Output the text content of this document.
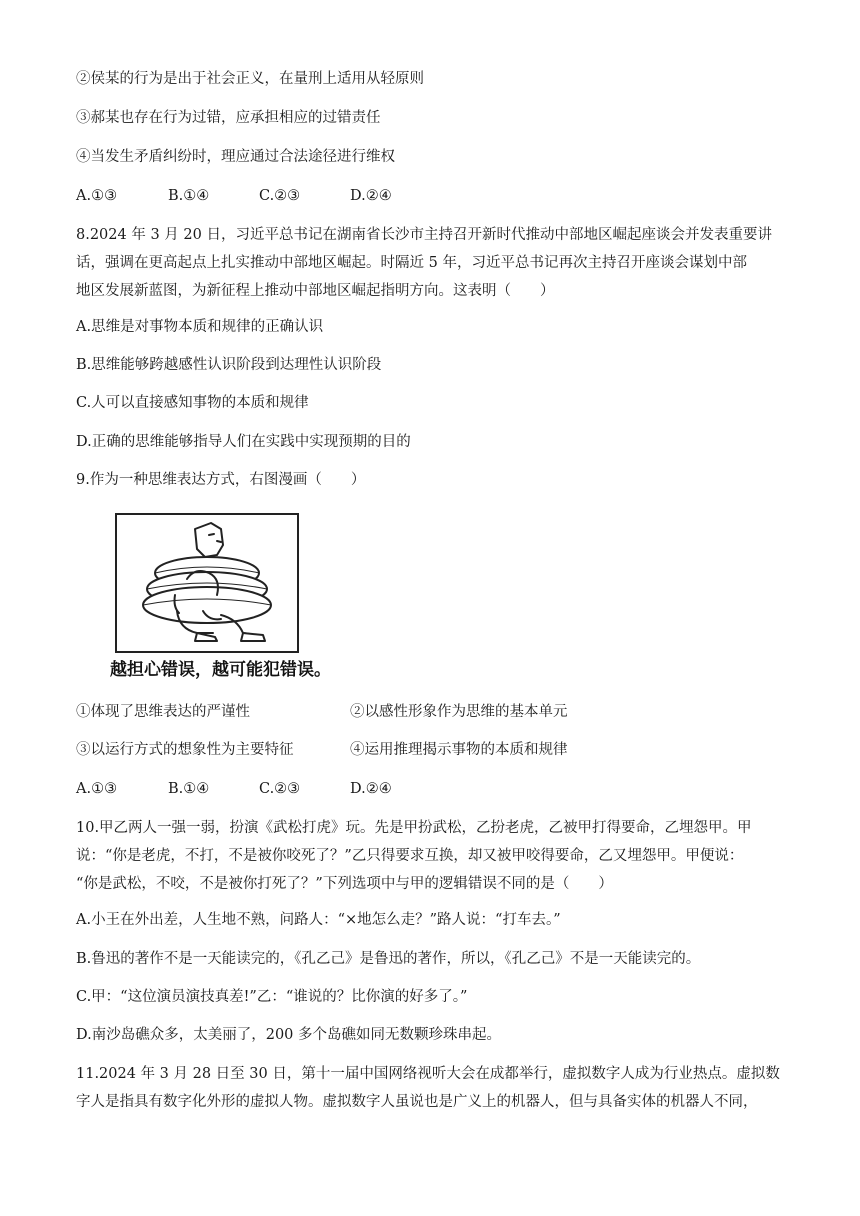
②侯某的行为是出于社会正义，在量刑上适用从轻原则
③郝某也存在行为过错，应承担相应的过错责任
④当发生矛盾纠纷时，理应通过合法途径进行维权
A.①③	B.①④	C.②③	D.②④
8.2024 年 3 月 20 日，习近平总书记在湖南省长沙市主持召开新时代推动中部地区崛起座谈会并发表重要讲
话，强调在更高起点上扎实推动中部地区崛起。时隔近 5 年，习近平总书记再次主持召开座谈会谋划中部
地区发展新蓝图，为新征程上推动中部地区崛起指明方向。这表明（　　）
A.思维是对事物本质和规律的正确认识
B.思维能够跨越感性认识阶段到达理性认识阶段
C.人可以直接感知事物的本质和规律
D.正确的思维能够指导人们在实践中实现预期的目的
9.作为一种思维表达方式，右图漫画（　　）
越担心错误，越可能犯错误。
①体现了思维表达的严谨性	②以感性形象作为思维的基本单元
③以运行方式的想象性为主要特征	④运用推理揭示事物的本质和规律
A.①③	B.①④	C.②③	D.②④
10.甲乙两人一强一弱，扮演《武松打虎》玩。先是甲扮武松，乙扮老虎，乙被甲打得要命，乙埋怨甲。甲
说：“你是老虎，不打，不是被你咬死了？”乙只得要求互换，却又被甲咬得要命，乙又埋怨甲。甲便说：
“你是武松，不咬，不是被你打死了？”下列选项中与甲的逻辑错误不同的是（　　）
A.小王在外出差，人生地不熟，问路人：“×地怎么走？”路人说：“打车去。”
B.鲁迅的著作不是一天能读完的，《孔乙己》是鲁迅的著作，所以，《孔乙己》不是一天能读完的。
C.甲：“这位演员演技真差!”乙：“谁说的？比你演的好多了。”
D.南沙岛礁众多，太美丽了，200 多个岛礁如同无数颗珍珠串起。
11.2024 年 3 月 28 日至 30 日，第十一届中国网络视听大会在成都举行，虚拟数字人成为行业热点。虚拟数
字人是指具有数字化外形的虚拟人物。虚拟数字人虽说也是广义上的机器人，但与具备实体的机器人不同，
